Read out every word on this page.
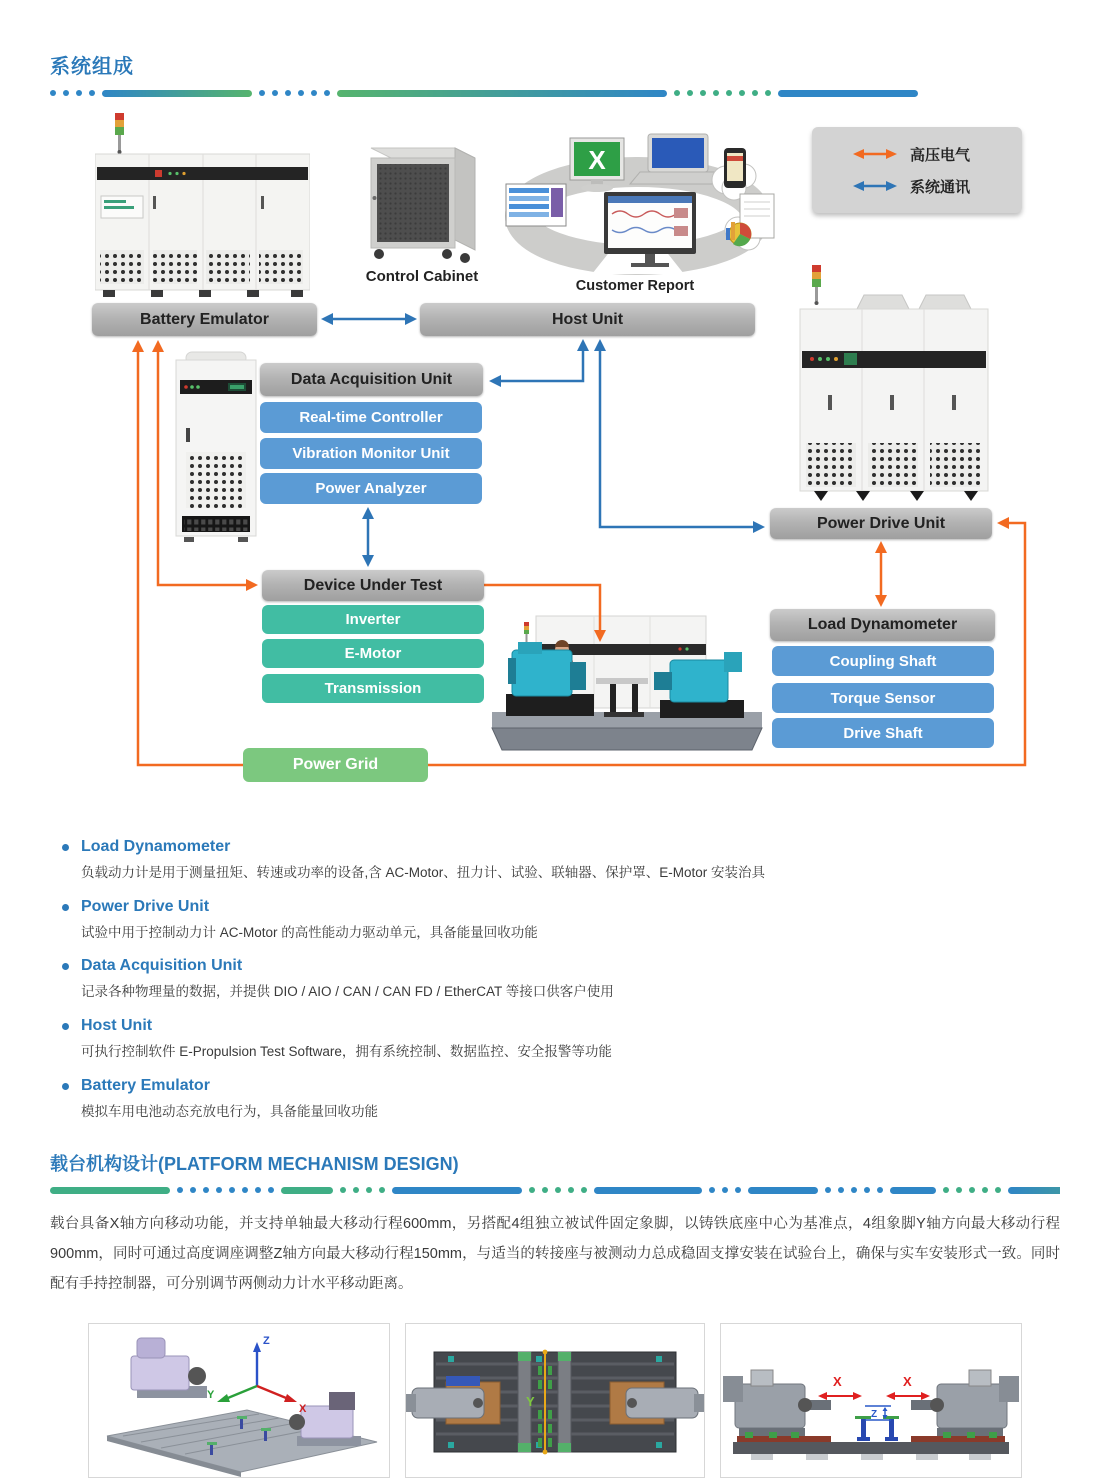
系统组成
X	高压电气
系统通讯
Battery Emulator	Host Unit
Data Acquisition Unit
Real-time Controller
Vibration Monitor Unit
Power Analyzer
Device Under Test
Inverter
E-Motor
Transmission
Power Grid
Power Drive Unit
Load Dynamometer
Coupling Shaft
Torque Sensor
Drive Shaft
Control Cabinet
Customer Report
Load Dynamometer
负载动力计是用于测量扭矩、转速或功率的设备,含 AC-Motor、扭力计、试验、联轴器、保护罩、E-Motor 安装治具
Power Drive Unit
试验中用于控制动力计 AC-Motor 的高性能动力驱动单元，具备能量回收功能
Data Acquisition Unit
记录各种物理量的数据，并提供 DIO / AIO / CAN / CAN FD / EtherCAT 等接口供客户使用
Host Unit
可执行控制软件 E-Propulsion Test Software，拥有系统控制、数据监控、安全报警等功能
Battery Emulator
模拟车用电池动态充放电行为，具备能量回收功能
载台机构设计(PLATFORM MECHANISM DESIGN)

载台具备X轴方向移动功能，并支持单轴最大移动行程600mm，另搭配4组独立被试件固定象脚，以铸铁底座中心为基准点，4组象脚Y轴方向最大移动行程900mm，同时可通过高度调座调整Z轴方向最大移动行程150mm，与适当的转接座与被测动力总成稳固支撑安装在试验台上，确保与实车安装形式一致。同时配有手持控制器，可分别调节两侧动力计水平移动距离。

Z
Y
X	Y
X	X
Z
